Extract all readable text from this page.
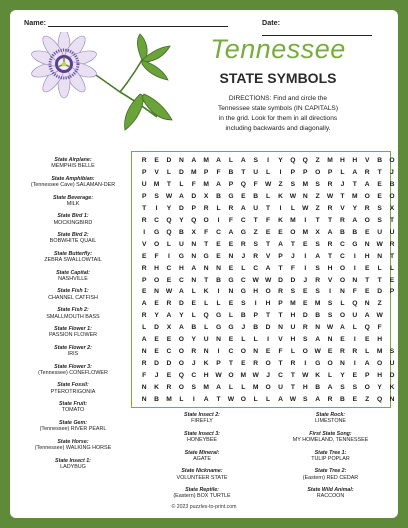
Name:	Date:
Tennessee
STATE SYMBOLS
DIRECTIONS: Find and circle the
Tennessee state symbols (IN CAPITALS)
in the grid. Look for them in all directions
including backwards and diagonally.
State Airplane:
MEMPHIS BELLE
State Amphibian:
(Tennessee Cave) SALAMAN-DER
State Beverage:
MILK
State Bird 1:
MOCKINGBIRD
State Bird 2:
BOBWHITE QUAIL
State Butterfly:
ZEBRA SWALLOWTAIL
State Capital:
NASHVILLE
State Fish 1:
CHANNEL CATFISH
State Fish 2:
SMALLMOUTH BASS
State Flower 1:
PASSION FLOWER
State Flower 2:
IRIS
State Flower 3:
(Tennessee) CONEFLOWER
State Fossil:
PTEROTRIGONIA
State Fruit:
TOMATO
State Gem:
(Tennessee) RIVER PEARL
State Horse:
(Tennessee) WALKING HORSE
State Insect 1:
LADYBUG
R	E	D	N	A	M	A	L	A	S	I	Y	Q	Q	Z	M	H	H	V	B	O
P	V	L	D	M	P	F	B	T	U	L	I	P	P	O	P	L	A	R	T	J
U	M	T	L	F	M	A	P	Q	F	W	Z	S	M	S	R	J	T	A	E	B
P	S	W	A	D	X	B	G	E	B	L	K	W	N	Z	W	T	M	O	E	O
T	I	Y	D	P	R	L	R	A	U	T	I	L	W	Z	R	V	Y	R	S	X
R	C	Q	Y	Q	O	I	F	C	T	F	K	M	I	T	T	R	A	O	S	T
I	G	Q	B	X	F	C	A	G	Z	E	E	O	M	X	A	B	B	E	U	U
V	O	L	U	N	T	E	E	R	S	T	A	T	E	S	R	C	G	N	W	R
E	F	I	G	N	G	E	N	J	R	V	P	J	I	A	T	C	I	H	N	T
R	H	C	H	A	N	N	E	L	C	A	T	F	I	S	H	O	I	E	L	L
P	O	E	C	N	T	B	G	C	W W	D	D	J	R	V	O	N	T	T	E
E	N	W	A	L	K	I	N	G	H	O	R	S	E	S	I	N	F	E	D	P
A	E	R	D	E	L	L	E	S	I	H	P	M	E	M	S	L	Q	N	Z
R	Y	A	Y	L	Q	G	L	B	P	T	T	H	D	B	S	O	U	A	W
L	D	X	A	B	L	G	G	J	B	D	N	U	R	N	W	A	L	Q	F
A	E	E	O	Y	U	N	E	L	L	I	V	H	S	A	N	E	I	E	H
N	E	C	O	R	N	I	C	O	N	E	F	L	O W	E	R	R	L	M	S
R	D	D	O	J	K	P	T	E	R	O	T	R	I	G	O	N	I	A	O	U
F	J	E	Q	C	H	W O	M W	J	C	T	W	K	L	Y	E	P	H	D
N	K	R	O	S	M	A	L	L	M	O	U	T	H	B	A	S	S	O	Y	K
N	B	M	L	I	A	T	W O	L	L	A	W	S	A	R	B	E	Z	Q	N
State Insect 2:
FIREFLY
State Insect 3:
HONEYBEE
State Mineral:
AGATE
State Nickname:
VOLUNTEER STATE
State Reptile:
(Eastern) BOX TURTLE
State Rock:
LIMESTONE
First State Song:
MY HOMELAND, TENNESSEE
State Tree 1:
TULIP POPLAR
State Tree 2:
(Eastern) RED CEDAR
State Wild Animal:
RACCOON
© 2023 puzzles-to-print.com
